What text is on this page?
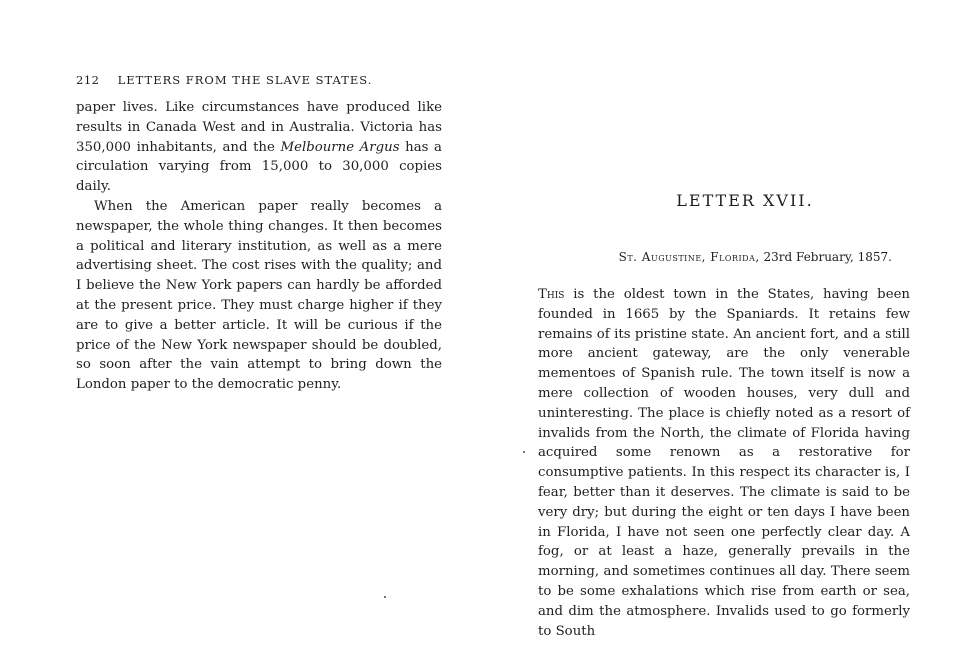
212 LETTERS FROM THE SLAVE STATES.

paper lives. Like circumstances have produced like results in Canada West and in Australia. Victoria has 350,000 inhabitants, and the Melbourne Argus has a circulation varying from 15,000 to 30,000 copies daily.

When the American paper really becomes a newspaper, the whole thing changes. It then becomes a political and literary institution, as well as a mere advertising sheet. The cost rises with the quality; and I believe the New York papers can hardly be afforded at the present price. They must charge higher if they are to give a better article. It will be curious if the price of the New York newspaper should be doubled, so soon after the vain attempt to bring down the London paper to the democratic penny.

LETTER XVII.
St. Augustine, Florida, 23rd February, 1857.

This is the oldest town in the States, having been founded in 1665 by the Spaniards. It retains few remains of its pristine state. An ancient fort, and a still more ancient gateway, are the only venerable mementoes of Spanish rule. The town itself is now a mere collection of wooden houses, very dull and uninteresting. The place is chiefly noted as a resort of invalids from the North, the climate of Florida having acquired some renown as a restorative for consumptive patients. In this respect its character is, I fear, better than it deserves. The climate is said to be very dry; but during the eight or ten days I have been in Florida, I have not seen one perfectly clear day. A fog, or at least a haze, generally prevails in the morning, and sometimes continues all day. There seem to be some exhalations which rise from earth or sea, and dim the atmosphere. Invalids used to go formerly to South
